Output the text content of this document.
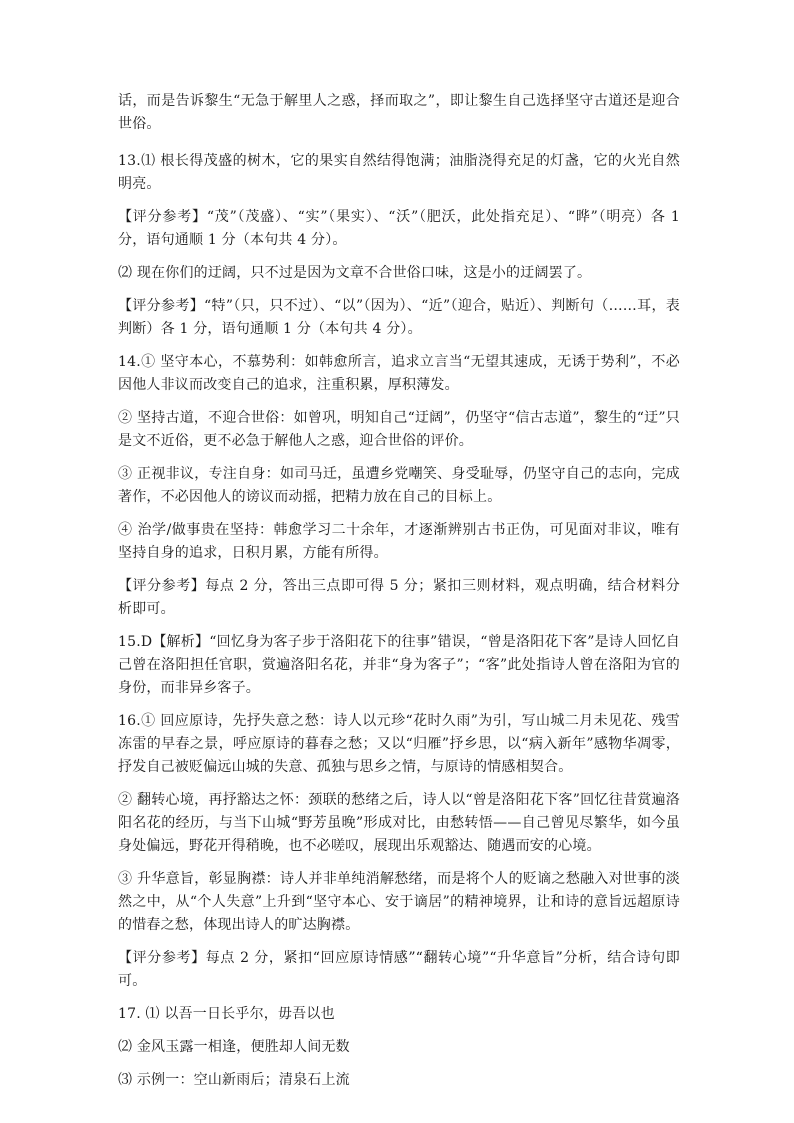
话，而是告诉黎生“无急于解里人之惑，择而取之”，即让黎生自己选择坚守古道还是迎合世俗。

13.⑴ 根长得茂盛的树木，它的果实自然结得饱满；油脂浇得充足的灯盏，它的火光自然明亮。

【评分参考】“茂”（茂盛）、“实”（果实）、“沃”（肥沃，此处指充足）、“晔”（明亮）各 1 分，语句通顺 1 分（本句共 4 分）。

⑵ 现在你们的迂阔，只不过是因为文章不合世俗口味，这是小的迂阔罢了。

【评分参考】“特”（只，只不过）、“以”（因为）、“近”（迎合，贴近）、判断句（……耳，表判断）各 1 分，语句通顺 1 分（本句共 4 分）。

14.① 坚守本心，不慕势利：如韩愈所言，追求立言当“无望其速成，无诱于势利”，不必因他人非议而改变自己的追求，注重积累，厚积薄发。

② 坚持古道，不迎合世俗：如曾巩，明知自己“迂阔”，仍坚守“信古志道”，黎生的“迂”只是文不近俗，更不必急于解他人之惑，迎合世俗的评价。

③ 正视非议，专注自身：如司马迁，虽遭乡党嘲笑、身受耻辱，仍坚守自己的志向，完成著作，不必因他人的谤议而动摇，把精力放在自己的目标上。

④ 治学/做事贵在坚持：韩愈学习二十余年，才逐渐辨别古书正伪，可见面对非议，唯有坚持自身的追求，日积月累，方能有所得。

【评分参考】每点 2 分，答出三点即可得 5 分；紧扣三则材料，观点明确，结合材料分析即可。

15.D【解析】“回忆身为客子步于洛阳花下的往事”错误，“曾是洛阳花下客”是诗人回忆自己曾在洛阳担任官职，赏遍洛阳名花，并非“身为客子”；“客”此处指诗人曾在洛阳为官的身份，而非异乡客子。

16.① 回应原诗，先抒失意之愁：诗人以元珍“花时久雨”为引，写山城二月未见花、残雪冻雷的早春之景，呼应原诗的暮春之愁；又以“归雁”抒乡思，以“病入新年”感物华凋零，抒发自己被贬偏远山城的失意、孤独与思乡之情，与原诗的情感相契合。

② 翻转心境，再抒豁达之怀：颈联的愁绪之后，诗人以“曾是洛阳花下客”回忆往昔赏遍洛阳名花的经历，与当下山城“野芳虽晚”形成对比，由愁转悟——自己曾见尽繁华，如今虽身处偏远，野花开得稍晚，也不必嗟叹，展现出乐观豁达、随遇而安的心境。

③ 升华意旨，彰显胸襟：诗人并非单纯消解愁绪，而是将个人的贬谪之愁融入对世事的淡然之中，从“个人失意”上升到“坚守本心、安于谪居”的精神境界，让和诗的意旨远超原诗的惜春之愁，体现出诗人的旷达胸襟。

【评分参考】每点 2 分，紧扣“回应原诗情感”“翻转心境”“升华意旨”分析，结合诗句即可。

17. ⑴ 以吾一日长乎尔，毋吾以也

⑵ 金风玉露一相逢，便胜却人间无数

⑶ 示例一：空山新雨后；清泉石上流
